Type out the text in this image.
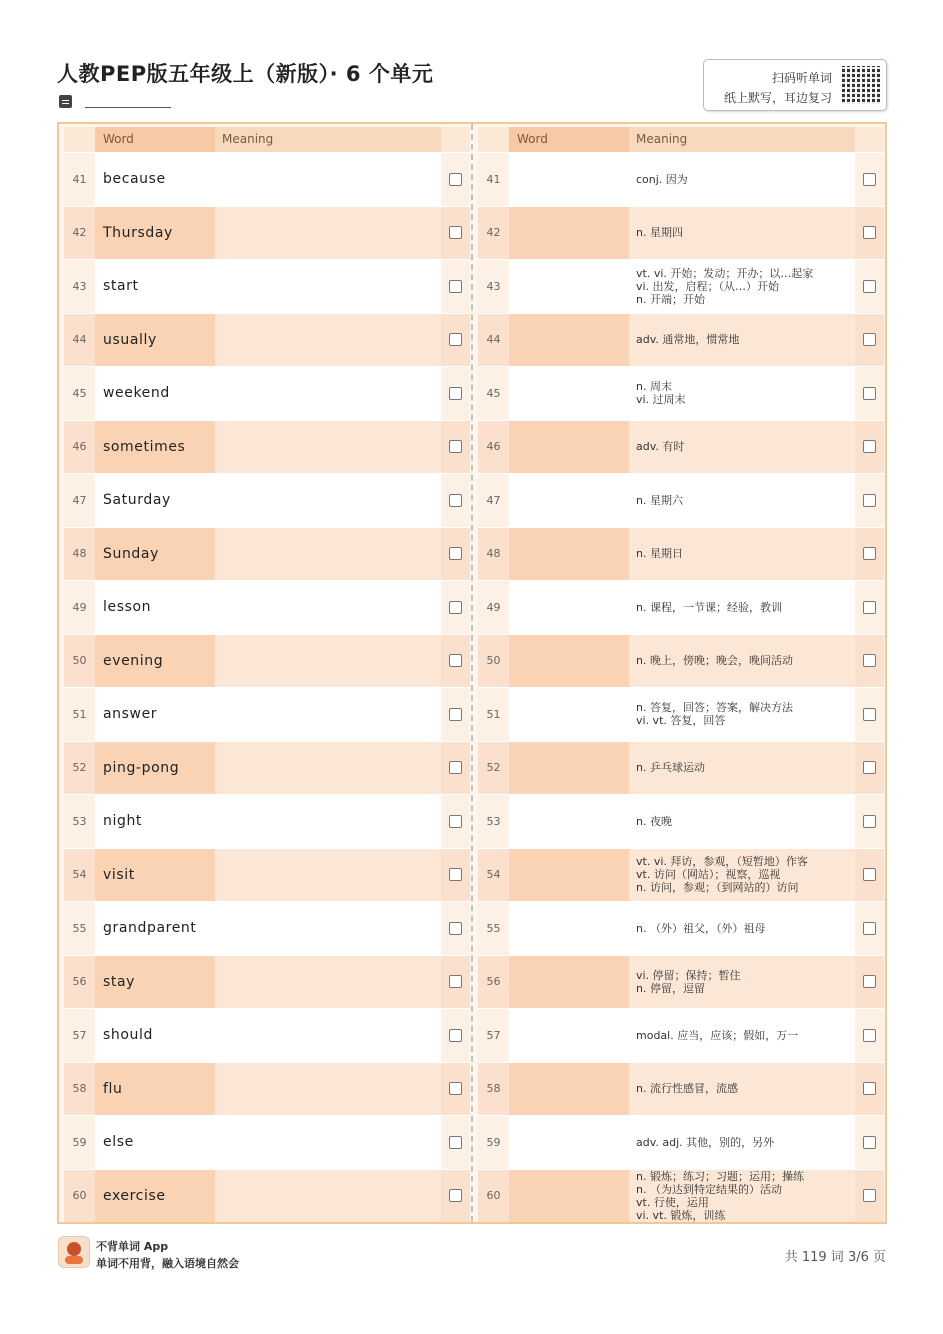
人教PEP版五年级上（新版）· 6 个单元	扫码听单词
纸上默写，耳边复习
Word	Meaning
41	because
42	Thursday
43	start
44	usually
45	weekend
46	sometimes
47	Saturday
48	Sunday
49	lesson
50	evening
51	answer
52	ping-pong
53	night
54	visit
55	grandparent
56	stay
57	should
58	flu
59	else
60	exercise
Word	Meaning
41	conj. 因为
42	n. 星期四
43
vt. vi. 开始；发动；开办；以…起家
vi. 出发，启程；（从…）开始
n. 开端；开始
44	adv. 通常地，惯常地
45	n. 周末
vi. 过周末
46	adv. 有时
47	n. 星期六
48	n. 星期日
49	n. 课程，一节课；经验，教训
50	n. 晚上，傍晚；晚会，晚间活动
51	n. 答复，回答；答案，解决方法
vi. vt. 答复，回答
52	n. 乒乓球运动
53	n. 夜晚
54
vt. vi. 拜访，参观，（短暂地）作客
vt. 访问（网站）；视察，巡视
n. 访问，参观；（到网站的）访问
55	n. （外）祖父，（外）祖母
56	vi. 停留；保持；暂住
n. 停留，逗留
57	modal. 应当，应该；假如，万一
58	n. 流行性感冒，流感
59	adv. adj. 其他，别的，另外
60
n. 锻炼；练习；习题；运用；操练
n. （为达到特定结果的）活动
vt. 行使，运用
vi. vt. 锻炼，训练
不背单词 App
单词不用背，融入语境自然会	共 119 词 3/6 页
